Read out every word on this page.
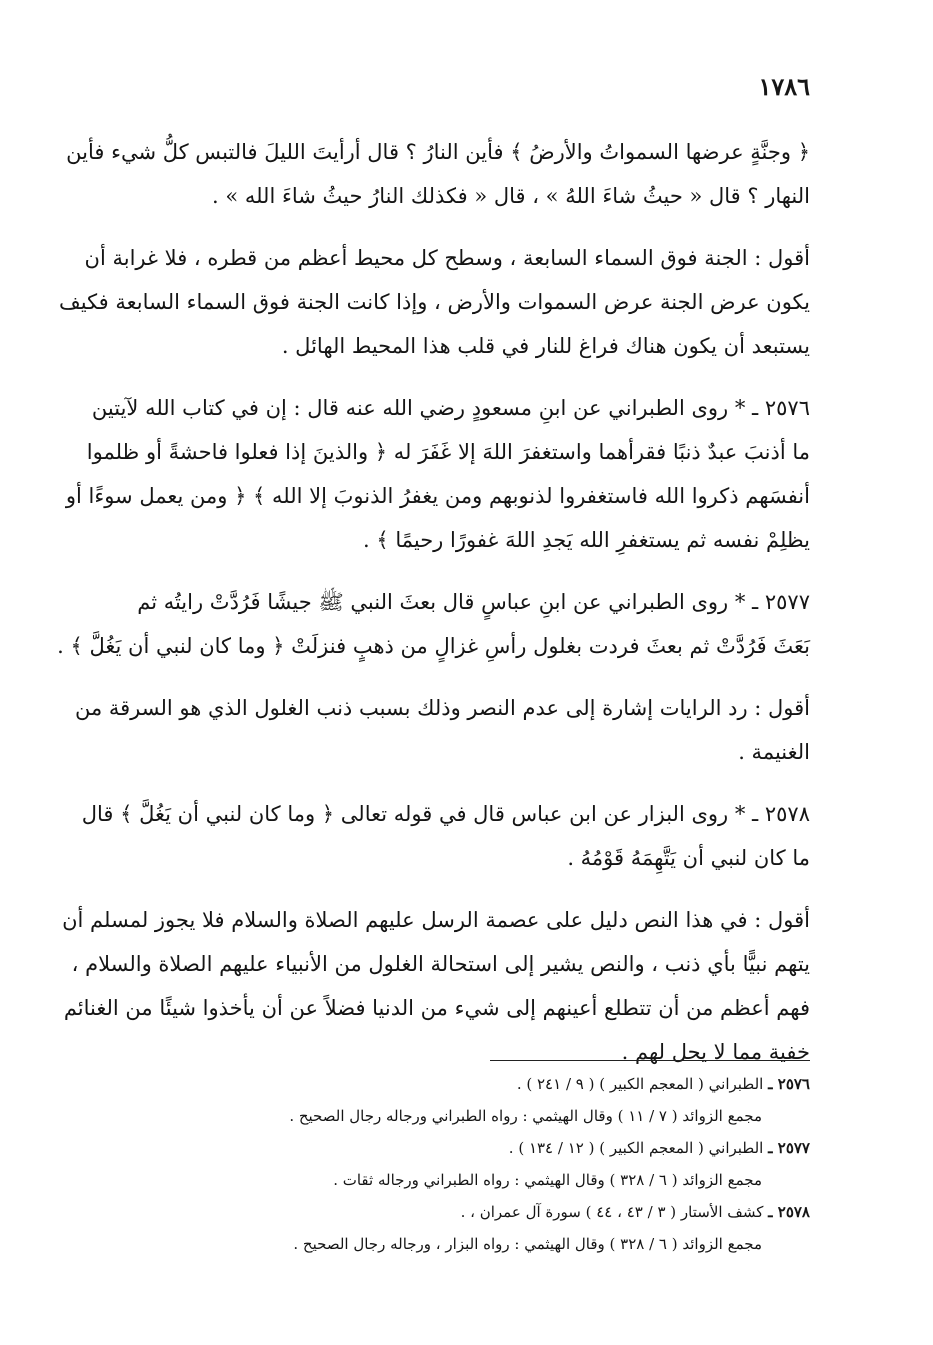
١٧٨٦

﴿ وجنَّةٍ عرضها السمواتُ والأرضُ ﴾ فأين النارُ ؟ قال أرأيتَ الليلَ فالتبس كلُّ شيء فأين
النهار ؟ قال « حيثُ شاءَ اللهُ » ، قال « فكذلك النارُ حيثُ شاءَ الله » .

أقول : الجنة فوق السماء السابعة ، وسطح كل محيط أعظم من قطره ، فلا غرابة أن
يكون عرض الجنة عرض السموات والأرض ، وإذا كانت الجنة فوق السماء السابعة فكيف
يستبعد أن يكون هناك فراغ للنار في قلب هذا المحيط الهائل .

٢٥٧٦ ـ * روى الطبراني عن ابنِ مسعودٍ رضي الله عنه قال : إن في كتاب الله لآيتين
ما أذنبَ عبدٌ ذنبًا فقرأهما واستغفرَ اللهَ إلا غَفَرَ له ﴿ والذينَ إذا فعلوا فاحشةً أو ظلموا
أنفسَهم ذكروا الله فاستغفروا لذنوبهم ومن يغفرُ الذنوبَ إلا الله ﴾ ﴿ ومن يعمل سوءًا أو
يظلِمْ نفسه ثم يستغفرِ الله يَجدِ اللهَ غفورًا رحيمًا ﴾ .

٢٥٧٧ ـ * روى الطبراني عن ابنِ عباسٍ قال بعثَ النبي ﷺ جيشًا فَرُدَّتْ رايتُه ثم
بَعَثَ فَرُدَّتْ ثم بعثَ فردت بغلول رأسِ غزالٍ من ذهبٍ فنزلَتْ ﴿ وما كان لنبي أن يَغُلَّ ﴾ .

أقول : رد الرايات إشارة إلى عدم النصر وذلك بسبب ذنب الغلول الذي هو السرقة من
الغنيمة .

٢٥٧٨ ـ * روى البزار عن ابن عباس قال في قوله تعالى ﴿ وما كان لنبي أن يَغُلَّ ﴾ قال
ما كان لنبي أن يَتَّهِمَهُ قَوْمُهُ .

أقول : في هذا النص دليل على عصمة الرسل عليهم الصلاة والسلام فلا يجوز لمسلم أن
يتهم نبيًّا بأي ذنب ، والنص يشير إلى استحالة الغلول من الأنبياء عليهم الصلاة والسلام ،
فهم أعظم من أن تتطلع أعينهم إلى شيء من الدنيا فضلاً عن أن يأخذوا شيئًا من الغنائم
خفية مما لا يحل لهم .

٢٥٧٦ ـ الطبراني ( المعجم الكبير ) ( ٩ / ٢٤١ ) .
مجمع الزوائد ( ٧ / ١١ ) وقال الهيثمي : رواه الطبراني ورجاله رجال الصحيح .
٢٥٧٧ ـ الطبراني ( المعجم الكبير ) ( ١٢ / ١٣٤ ) .
مجمع الزوائد ( ٦ / ٣٢٨ ) وقال الهيثمي : رواه الطبراني ورجاله ثقات .
٢٥٧٨ ـ كشف الأستار ( ٣ / ٤٣ ، ٤٤ ) سورة آل عمران ، .
مجمع الزوائد ( ٦ / ٣٢٨ ) وقال الهيثمي : رواه البزار ، ورجاله رجال الصحيح .
